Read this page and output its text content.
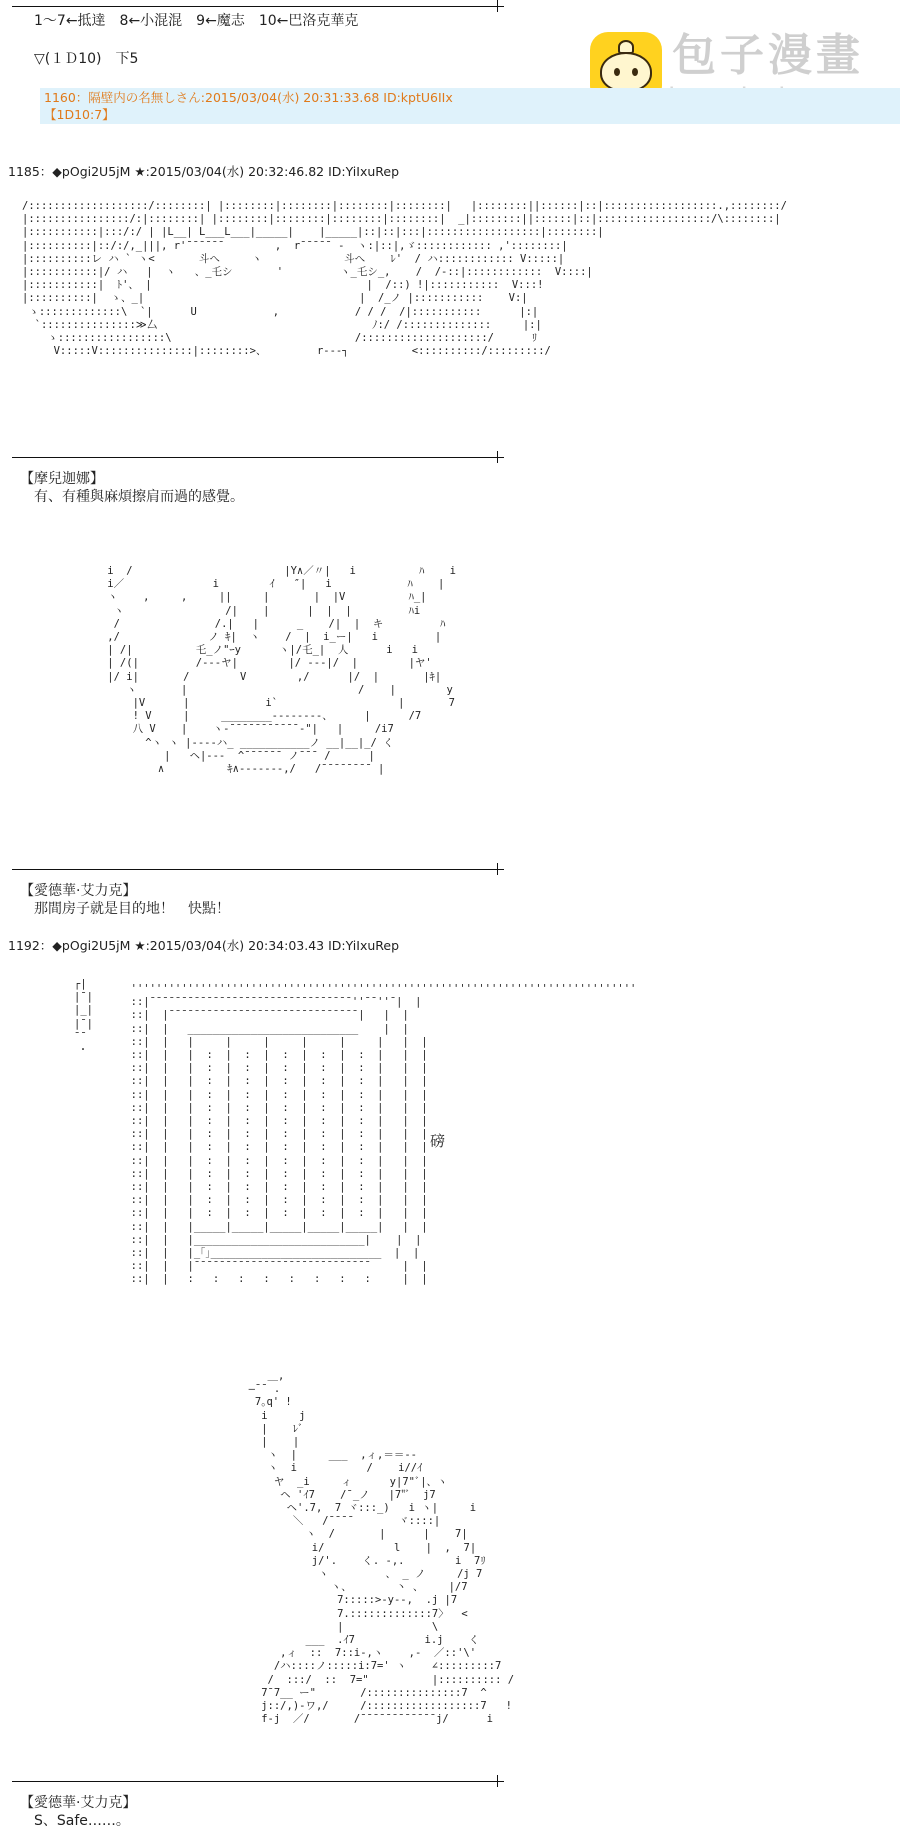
包子漫畫
1～7←抵達　8←小混混　9←魔志　10←巴洛克華克
▽(１Ｄ10)　下5
1160：隔壁内の名無しさん:2015/03/04(水) 20:31:33.68 ID:kptU6IIx
【1D10:7】
1185：◆pOgi2U5jM ★:2015/03/04(水) 20:32:46.82 ID:YiIxuRep
/:::::::::::::::::::/::::::::| |::::::::|::::::::|::::::::|::::::::|   |::::::::||::::::|::|::::::::::::::::::.,::::::::/
|::::::::::::::::/:|::::::::| |::::::::|::::::::|::::::::|::::::::|  _|::::::::||::::::|::|::::::::::::::::::/\::::::::|
|:::::::::::|:::/:/ | |L__| L___L___|_____|    |_____|::|::|:::|::::::::::::::::::|::::::::|
|::::::::::|::/:/,_|||, r'¯¯¯¯¯¯        ,  r¯¯¯¯¯ -  ヽ:|::|,ゞ:::::::::::: ,'::::::::|
|::::::::::レ ハ ` ヽ<       斗へ     ヽ             斗へ    ﾚ'  / ハ:::::::::::: V:::::|
|:::::::::::|/ ハ   |  ヽ   、_乇シ       '         ヽ_乇シ_,    /  /-::|::::::::::::  V::::|
|:::::::::::|  ﾄ'、 |                                  |  /::) !|:::::::::::  V:::!
|::::::::::|  ゝ、_|                                  |  /_ノ |:::::::::::    V:|
ゝ:::::::::::::\  `|      U            ,            / / /  /|:::::::::::      |:|
`:::::::::::::::≫厶                                  ﾉ:/ /::::::::::::::     |:|
ゝ:::::::::::::::::\                             /::::::::::::::::::::/      ﾘ
V:::::V:::::::::::::::|::::::::>、        r‐‐‐┐          <::::::::::/:::::::::/
【摩兒迦娜】
有、有種與麻煩擦肩而過的感覺。
i  /                        |Y∧／〃|   i          ﾊ    i
i／              i        ｲ   ″|   i            ﾊ    |
ヽ    ,     ,     ||     |       |  |V          ﾊ_|
ヽ                /|    |      |  |  |         ﾊi
/               /.|   |      _    /|  |  キ         ﾊ
,/              ノ ｷ|  ヽ    /  |  i_ー|   i         |
| /|          乇_ノ"ｰy      ヽ|/乇_|  人      i   i
| /(|         /‐‐‐ヤ|        |/ ‐‐‐|/  |        |ヤ'
|/ i|       /        V        ,/      |/  |       |ｷ|
ヽ       |                           /    |        y
|V      |            i`                   |       7
! V     |     ________--------、     |      /7
八 V    |    ヽ-¯¯¯¯¯¯¯¯¯¯¯-"|   |     /i7
^ヽ ヽ |‐‐‐‐ハ_ ___________ノ __|__|_/ く
|   ヘ|‐‐‐  ^¯¯¯¯¯¯ ノ¯¯¯ /      |
∧          ｷ∧-------,/   /¯¯¯¯¯¯¯¯ |
【愛德華·艾力克】
那間房子就是目的地！　快點！
1192：◆pOgi2U5jM ★:2015/03/04(水) 20:34:03.43 ID:YiIxuRep
┌|
|¯|
|_|
|¯|
¯¯
･
''''''''''''''''''''''''''''''''''''''''''''''''''''''''''''''''''''''''''''''''
::|¯¯¯¯¯¯¯¯¯¯¯¯¯¯¯¯¯¯¯¯¯¯¯¯¯¯¯¯¯¯¯¯''¯¯''¯|  |
::|  |¯¯¯¯¯¯¯¯¯¯¯¯¯¯¯¯¯¯¯¯¯¯¯¯¯¯¯¯¯¯|   |  |
::|  |   ___________________________    |  |
::|  |   |     |     |     |     |     |   |  |
::|  |   |  :  |  :  |  :  |  :  |  :  |   |  |
::|  |   |  :  |  :  |  :  |  :  |  :  |   |  |
::|  |   |  :  |  :  |  :  |  :  |  :  |   |  |
::|  |   |  :  |  :  |  :  |  :  |  :  |   |  |
::|  |   |  :  |  :  |  :  |  :  |  :  |   |  |
::|  |   |  :  |  :  |  :  |  :  |  :  |   |  |
::|  |   |  :  |  :  |  :  |  :  |  :  |   |  |
::|  |   |  :  |  :  |  :  |  :  |  :  |   |  |
::|  |   |  :  |  :  |  :  |  :  |  :  |   |  |
::|  |   |  :  |  :  |  :  |  :  |  :  |   |  |
::|  |   |  :  |  :  |  :  |  :  |  :  |   |  |
::|  |   |  :  |  :  |  :  |  :  |  :  |   |  |
::|  |   |  :  |  :  |  :  |  :  |  :  |   |  |
::|  |   |_____|_____|_____|_____|_____|   |  |
::|  |   |___________________________|    |  |
::|  |   |_｢｣___________________________  |  |
::|  |   |¯¯¯¯¯¯¯¯¯¯¯¯¯¯¯¯¯¯¯¯¯¯¯¯¯¯¯¯     |  |
::|  |   :   :   :   :   :   :   :   :     |  |
磅
＿,
―¯¯ .
7｡q' !
i     j
|    ﾚﾞ
|    |
ヽ  |     ___  ,ィ,＝＝--
ヽ  i           /    i//ｲ
ヤ  _i     ィ      y|7"ﾞ|、ヽ
ヘ 'ｲ7    /¯_ノ   |7"ﾞ  j7
ヘ'.7,  7 ヾ:::_)   i ヽ|     i
＼   /¯¯¯¯       ヾ::::|
ヽ  /       |      |    7|
i/           l    |  ,  7|
j/'.    く. -,.        i  7ﾘ
ヽ         、 _ ノ     /j 7
ヽ、       丶 、    |/7
7:::::>-y--,  .j |7
7.:::::::::::::7〉  <
|              \
___  .ｲ7           i.j    く
,ィ  ::  7::i-,ヽ    ,-  ／::'\'
/ハ::::ノ:::::i:7=' ヽ    ∠:::::::::7
/  :::/  ::  7="          |:::::::::: /
7¯7__ ー"       /:::::::::::::::7  ^
j::/,)-ワ,/     /::::::::::::::::::7   !
f-j  ／/       /¯¯¯¯¯¯¯¯¯¯¯¯j/      i
【愛德華·艾力克】
S、Safe……。
